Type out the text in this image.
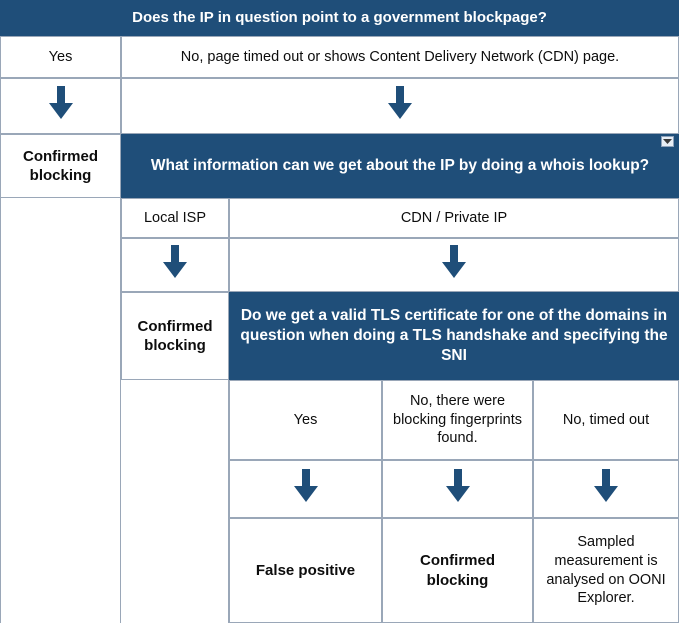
Does the IP in question point to a government blockpage?
Yes	No, page timed out or shows Content Delivery Network (CDN) page.
Confirmed blocking
What information can we get about the IP by doing a whois lookup?
Local ISP	CDN / Private IP
Confirmed blocking
Do we get a valid TLS certificate for one of the domains in question when doing a TLS handshake and specifying the SNI
Yes
No, there were blocking fingerprints found.
No, timed out
False positive
Confirmed blocking
Sampled measurement is analysed on OONI Explorer.
